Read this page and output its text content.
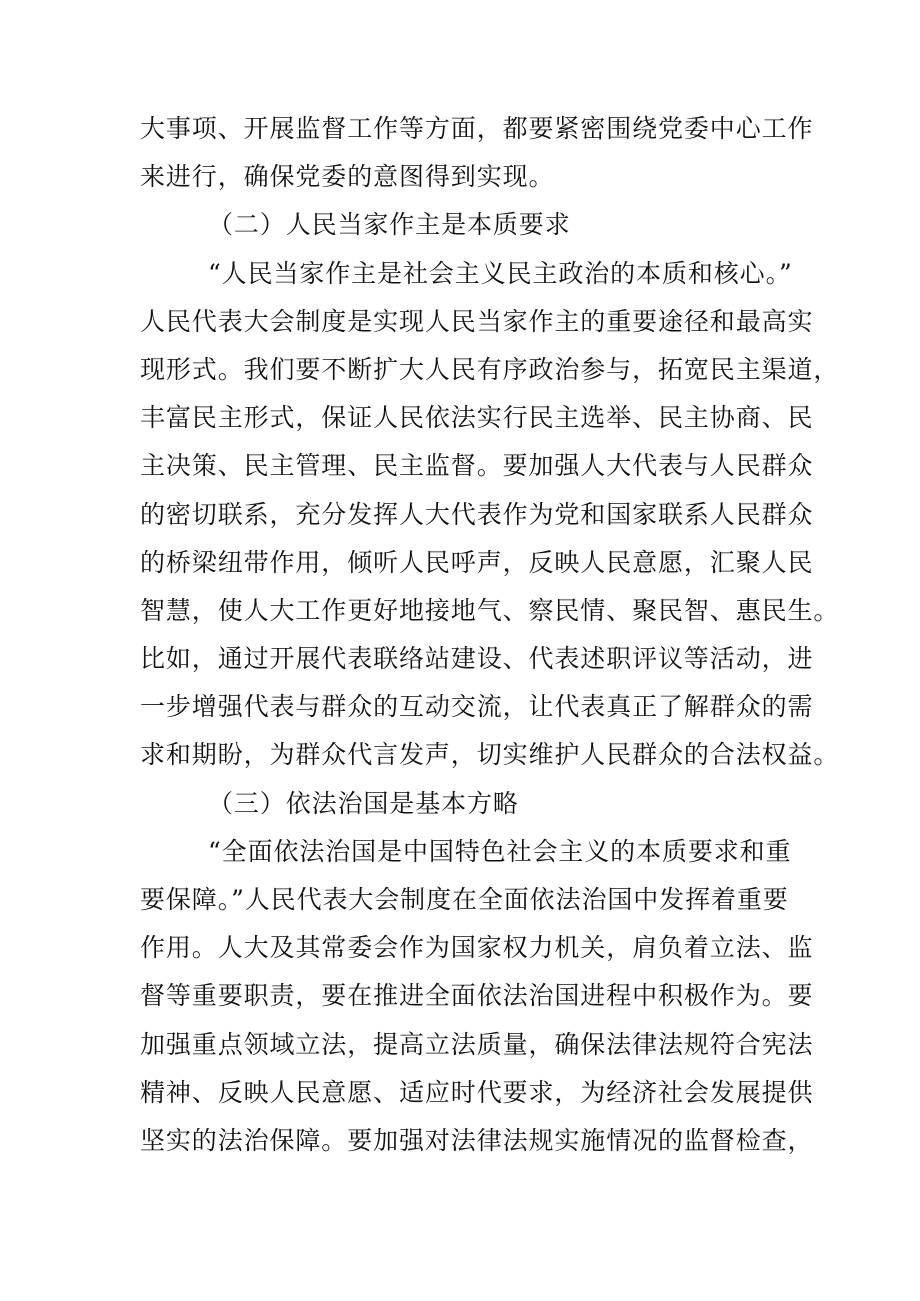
大事项、开展监督工作等方面，都要紧密围绕党委中心工作
来进行，确保党委的意图得到实现。
（二）人民当家作主是本质要求
“人民当家作主是社会主义民主政治的本质和核心。”
人民代表大会制度是实现人民当家作主的重要途径和最高实
现形式。我们要不断扩大人民有序政治参与，拓宽民主渠道，
丰富民主形式，保证人民依法实行民主选举、民主协商、民
主决策、民主管理、民主监督。要加强人大代表与人民群众
的密切联系，充分发挥人大代表作为党和国家联系人民群众
的桥梁纽带作用，倾听人民呼声，反映人民意愿，汇聚人民
智慧，使人大工作更好地接地气、察民情、聚民智、惠民生。
比如，通过开展代表联络站建设、代表述职评议等活动，进
一步增强代表与群众的互动交流，让代表真正了解群众的需
求和期盼，为群众代言发声，切实维护人民群众的合法权益。
（三）依法治国是基本方略
“全面依法治国是中国特色社会主义的本质要求和重
要保障。”人民代表大会制度在全面依法治国中发挥着重要
作用。人大及其常委会作为国家权力机关，肩负着立法、监
督等重要职责，要在推进全面依法治国进程中积极作为。要
加强重点领域立法，提高立法质量，确保法律法规符合宪法
精神、反映人民意愿、适应时代要求，为经济社会发展提供
坚实的法治保障。要加强对法律法规实施情况的监督检查，
